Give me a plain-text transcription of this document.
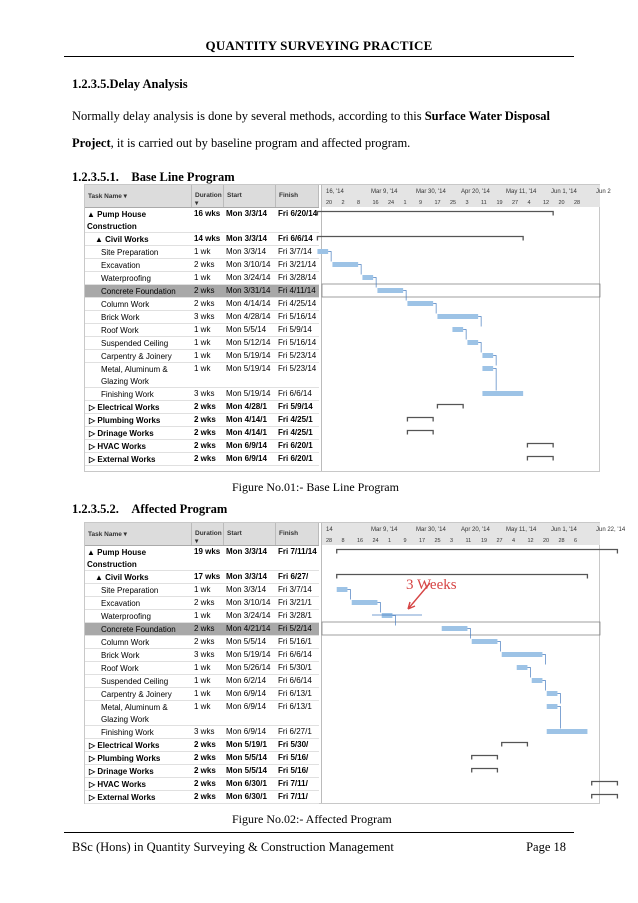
QUANTITY SURVEYING PRACTICE
1.2.3.5.Delay Analysis
Normally delay analysis is done by several methods, according to this Surface Water Disposal Project, it is carried out by baseline program and affected program.
1.2.3.5.1. Base Line Program
Task Name ▾	Duration ▾
Start	Finish
▲ Pump House Construction
16 wks Mon 3/3/14	Fri 6/20/14
▲ Civil Works	14 wks Mon 3/3/14	Fri 6/6/14
Site Preparation	1 wk	Mon 3/3/14	Fri 3/7/14
Excavation	2 wks	Mon 3/10/14 Fri 3/21/14
Waterproofing	1 wk	Mon 3/24/14 Fri 3/28/14
Concrete Foundation	2 wks	Mon 3/31/14 Fri 4/11/14
Column Work	2 wks	Mon 4/14/14 Fri 4/25/14
Brick Work	3 wks	Mon 4/28/14 Fri 5/16/14
Roof Work	1 wk	Mon 5/5/14	Fri 5/9/14
Suspended Ceiling	1 wk	Mon 5/12/14 Fri 5/16/14
Carpentry & Joinery	1 wk	Mon 5/19/14 Fri 5/23/14
Metal, Aluminum & Glazing Work
1 wk	Mon 5/19/14 Fri 5/23/14
Finishing Work	3 wks	Mon 5/19/14 Fri 6/6/14
▷ Electrical Works	2 wks	Mon 4/28/1	Fri 5/9/14
▷ Plumbing Works	2 wks	Mon 4/14/1	Fri 4/25/1
▷ Drinage Works	2 wks	Mon 4/14/1	Fri 4/25/1
▷ HVAC Works	2 wks	Mon 6/9/14	Fri 6/20/1
▷ External Works	2 wks	Mon 6/9/14	Fri 6/20/1
16, '14	Mar 9, '14	Mar 30, '14	Apr 20, '14	May 11, '14 Jun 1, '14	Jun 2
20 2 8 16 24 1 9 17 25 3 11 19 27 4 12 20 28
Figure No.01:- Base Line Program
1.2.3.5.2. Affected Program
Task Name ▾	Duration ▾
Start	Finish
▲ Pump House Construction
19 wks Mon 3/3/14	Fri 7/11/14
▲ Civil Works	17 wks Mon 3/3/14	Fri 6/27/
Site Preparation	1 wk	Mon 3/3/14	Fri 3/7/14
Excavation	2 wks	Mon 3/10/14 Fri 3/21/1
Waterproofing	1 wk	Mon 3/24/14 Fri 3/28/1
Concrete Foundation	2 wks	Mon 4/21/14 Fri 5/2/14
Column Work	2 wks	Mon 5/5/14	Fri 5/16/1
Brick Work	3 wks	Mon 5/19/14 Fri 6/6/14
Roof Work	1 wk	Mon 5/26/14 Fri 5/30/1
Suspended Ceiling	1 wk	Mon 6/2/14	Fri 6/6/14
Carpentry & Joinery	1 wk	Mon 6/9/14	Fri 6/13/1
Metal, Aluminum & Glazing Work
1 wk	Mon 6/9/14	Fri 6/13/1
Finishing Work	3 wks	Mon 6/9/14	Fri 6/27/1
▷ Electrical Works	2 wks	Mon 5/19/1	Fri 5/30/
▷ Plumbing Works	2 wks	Mon 5/5/14	Fri 5/16/
▷ Drinage Works	2 wks	Mon 5/5/14	Fri 5/16/
▷ HVAC Works	2 wks	Mon 6/30/1	Fri 7/11/
▷ External Works	2 wks	Mon 6/30/1	Fri 7/11/
14	Mar 9, '14	Mar 30, '14	Apr 20, '14	May 11, '14 Jun 1, '14	Jun 22, '14
28 8 16 24 1 9 17 25 3 11 19 27 4 12 20 28 6
3 Weeks
Figure No.02:- Affected Program
BSc (Hons) in Quantity Surveying & Construction Management	Page 18
